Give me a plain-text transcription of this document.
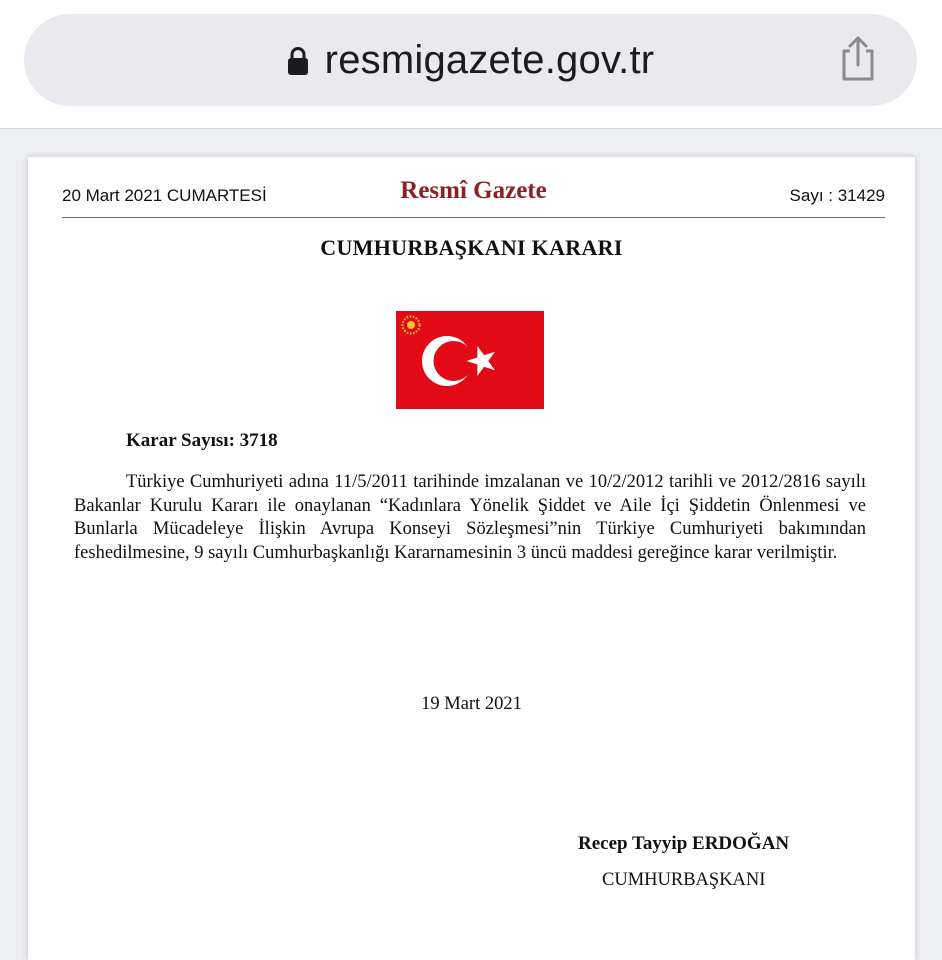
resmigazete.gov.tr
20 Mart 2021 CUMARTESİ	Resmî Gazete	Sayı : 31429
CUMHURBAŞKANI KARARI
Karar Sayısı: 3718
Türkiye Cumhuriyeti adına 11/5/2011 tarihinde imzalanan ve 10/2/2012 tarihli ve 2012/2816 sayılı Bakanlar Kurulu Kararı ile onaylanan “Kadınlara Yönelik Şiddet ve Aile İçi Şiddetin Önlenmesi ve Bunlarla Mücadeleye İlişkin Avrupa Konseyi Sözleşmesi”nin Türkiye Cumhuriyeti bakımından feshedilmesine, 9 sayılı Cumhurbaşkanlığı Kararnamesinin 3 üncü maddesi gereğince karar verilmiştir.
19 Mart 2021
Recep Tayyip ERDOĞAN
CUMHURBAŞKANI
